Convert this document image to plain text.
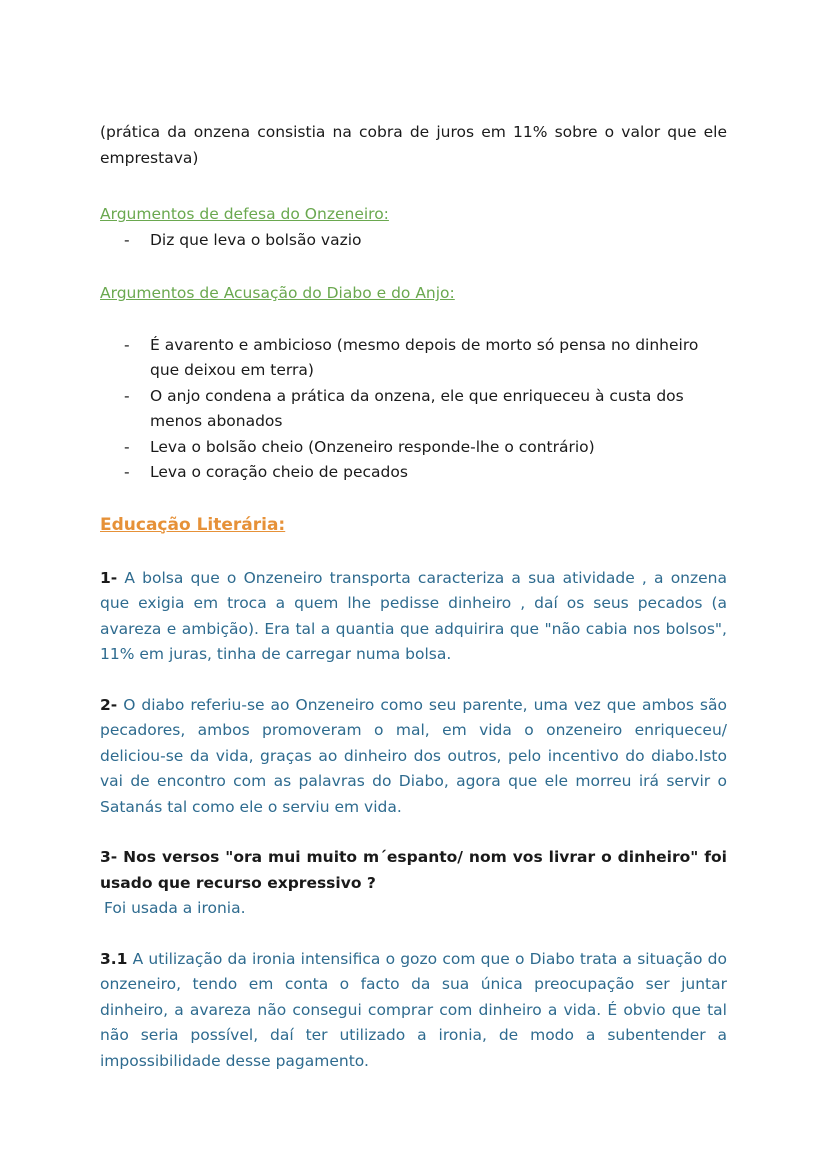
(prática da onzena consistia na cobra de juros em 11% sobre o valor que ele emprestava)

Argumentos de defesa do Onzeneiro:

- Diz que leva o bolsão vazio

Argumentos de Acusação do Diabo e do Anjo:

- É avarento e ambicioso (mesmo depois de morto só pensa no dinheiro que deixou em terra)
- O anjo condena a prática da onzena, ele que enriqueceu à custa dos menos abonados
- Leva o bolsão cheio (Onzeneiro responde-lhe o contrário)
- Leva o coração cheio de pecados

Educação Literária:

1- A bolsa que o Onzeneiro transporta caracteriza a sua atividade , a onzena que exigia em troca a quem lhe pedisse dinheiro , daí os seus pecados (a avareza e ambição). Era tal a quantia que adquirira que "não cabia nos bolsos", 11% em juras, tinha de carregar numa bolsa.

2- O diabo referiu-se ao Onzeneiro como seu parente, uma vez que ambos são pecadores, ambos promoveram o mal, em vida o onzeneiro enriqueceu/ deliciou-se da vida, graças ao dinheiro dos outros, pelo incentivo do diabo.Isto vai de encontro com as palavras do Diabo, agora que ele morreu irá servir o Satanás tal como ele o serviu em vida.

3- Nos versos "ora mui muito m´espanto/ nom vos livrar o dinheiro" foi usado que recurso expressivo ?

Foi usada a ironia.

3.1 A utilização da ironia intensifica o gozo com que o Diabo trata a situação do onzeneiro, tendo em conta o facto da sua única preocupação ser juntar dinheiro, a avareza não consegui comprar com dinheiro a vida. É obvio que tal não seria possível, daí ter utilizado a ironia, de modo a subentender a impossibilidade desse pagamento.
